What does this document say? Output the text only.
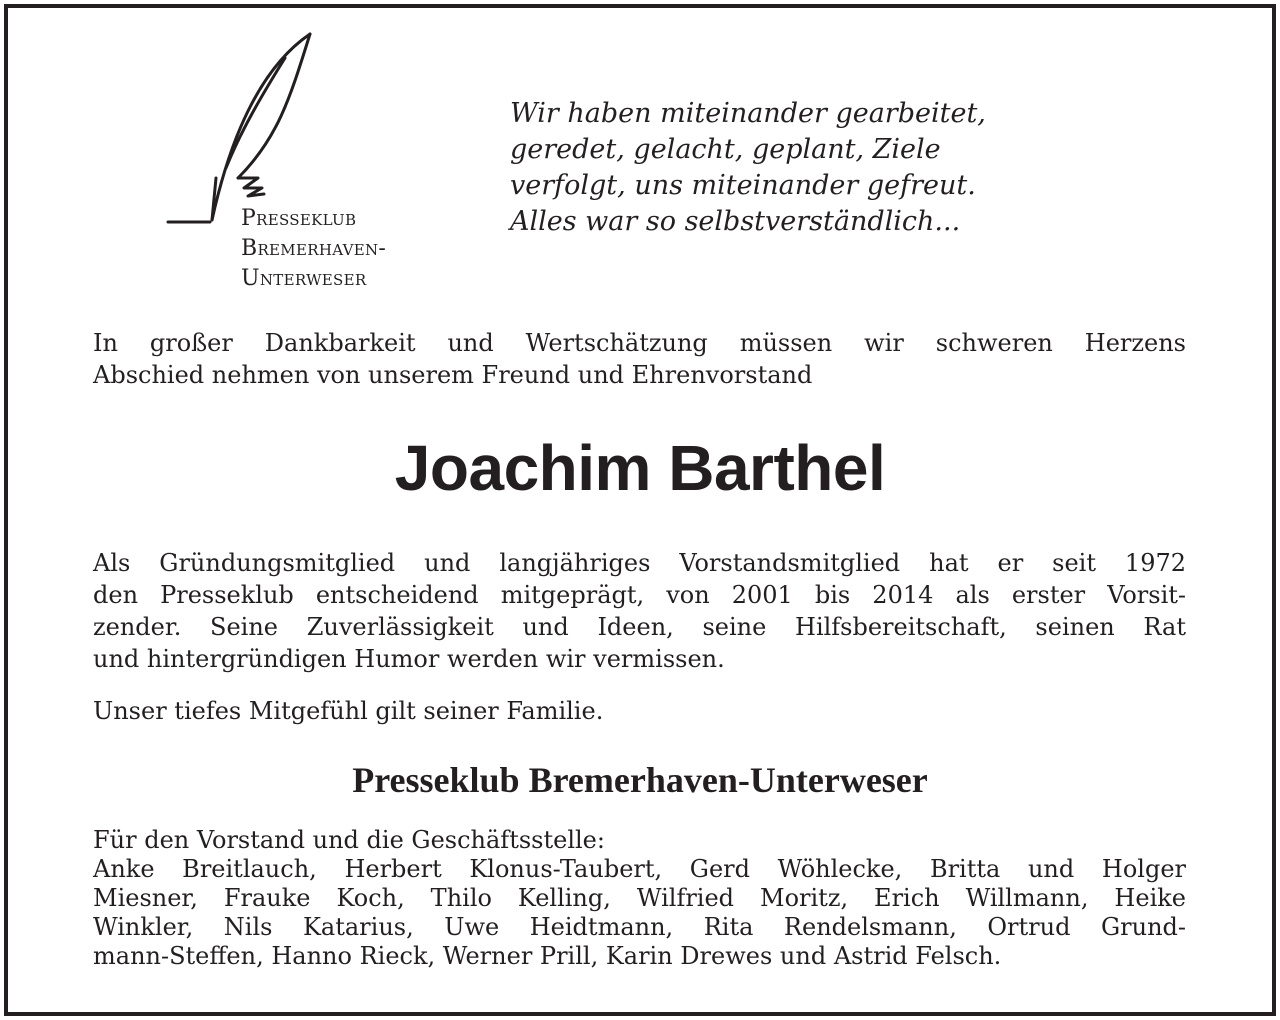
Presseklub
Bremerhaven-
Unterweser
Wir haben miteinander gearbeitet,
geredet, gelacht, geplant, Ziele
verfolgt, uns miteinander gefreut.
Alles war so selbstverständlich...
In großer Dankbarkeit und Wertschätzung müssen wir schweren Herzens
Abschied nehmen von unserem Freund und Ehrenvorstand
Joachim Barthel
Als Gründungsmitglied und langjähriges Vorstandsmitglied hat er seit 1972
den Presseklub entscheidend mitgeprägt, von 2001 bis 2014 als erster Vorsit-
zender. Seine Zuverlässigkeit und Ideen, seine Hilfsbereitschaft, seinen Rat
und hintergründigen Humor werden wir vermissen.
Unser tiefes Mitgefühl gilt seiner Familie.
Presseklub Bremerhaven-Unterweser
Für den Vorstand und die Geschäftsstelle:
Anke Breitlauch, Herbert Klonus-Taubert, Gerd Wöhlecke, Britta und Holger
Miesner, Frauke Koch, Thilo Kelling, Wilfried Moritz, Erich Willmann, Heike
Winkler, Nils Katarius, Uwe Heidtmann, Rita Rendelsmann, Ortrud Grund-
mann-Steffen, Hanno Rieck, Werner Prill, Karin Drewes und Astrid Felsch.
